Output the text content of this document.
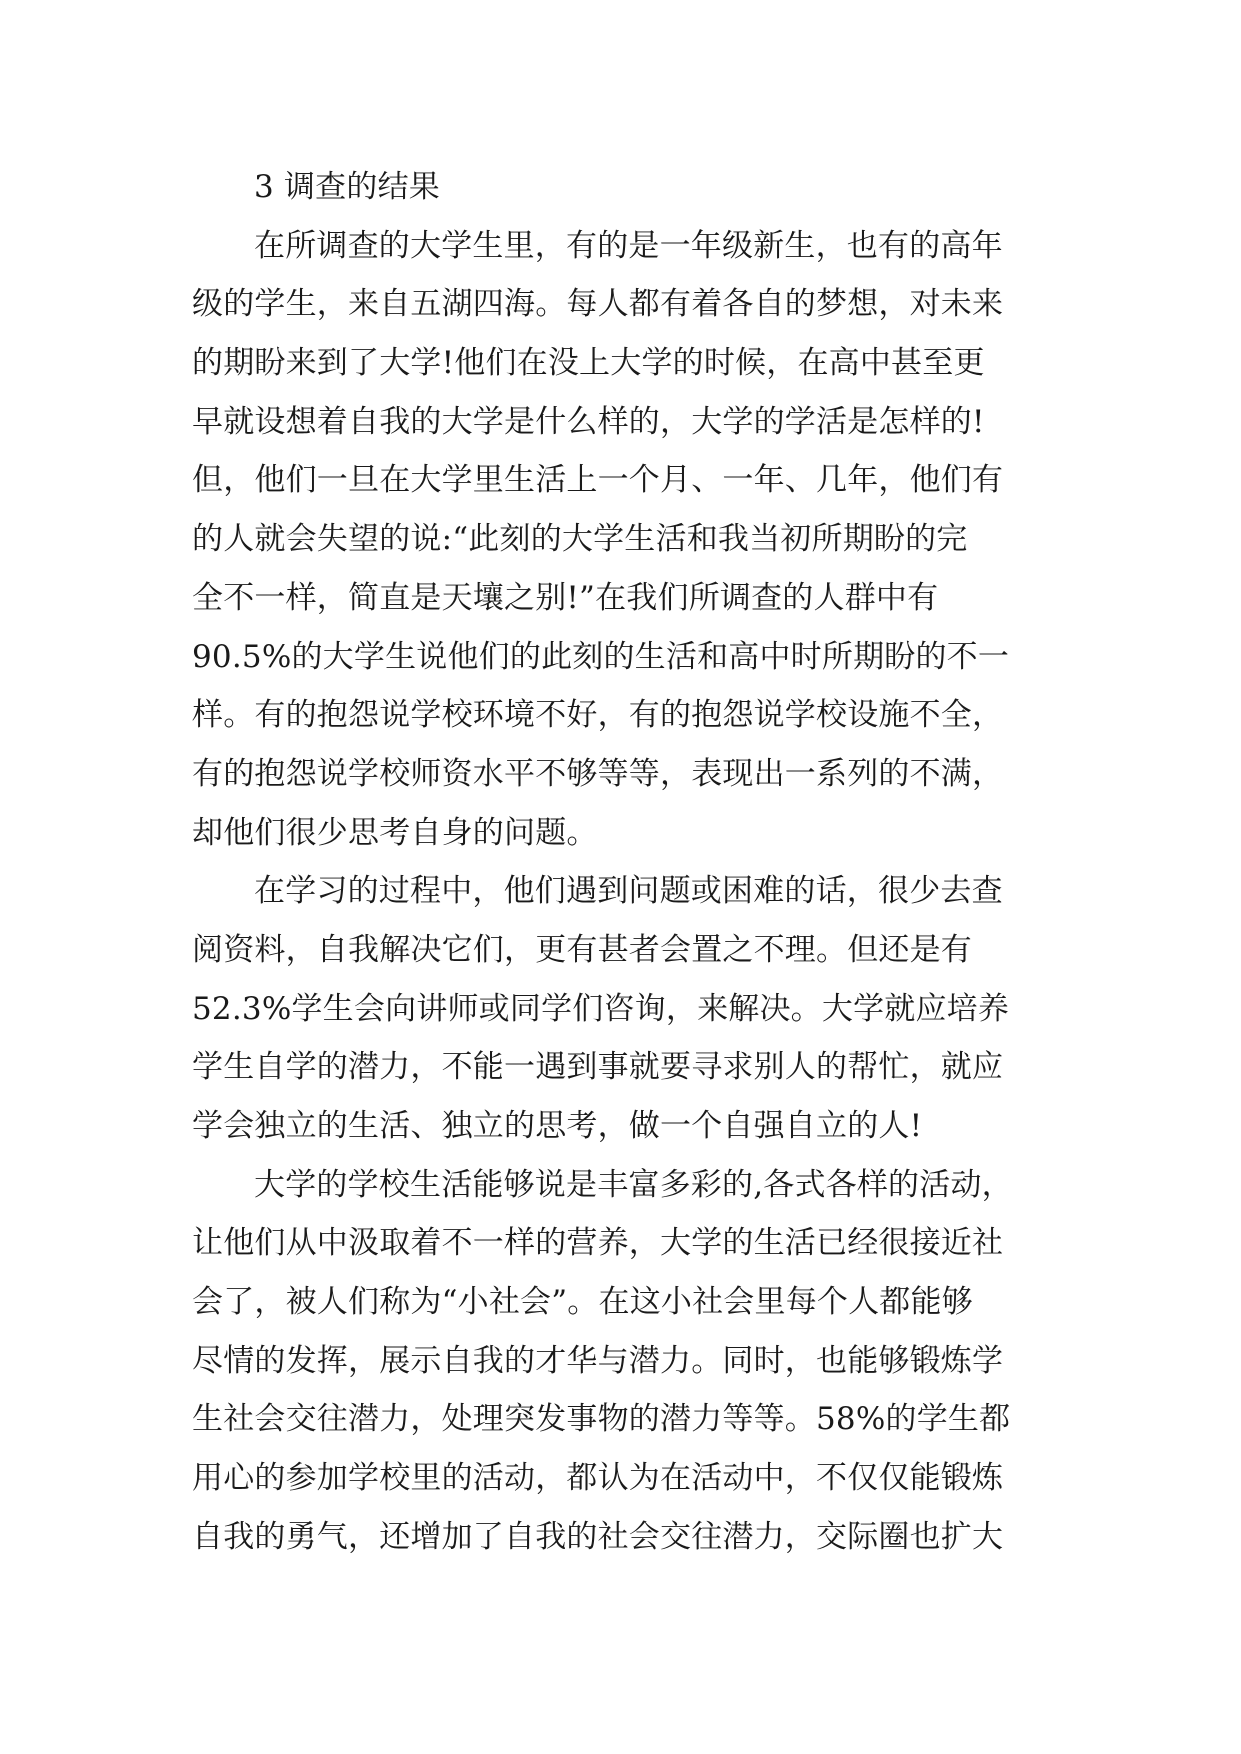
3 调查的结果
在所调查的大学生里，有的是一年级新生，也有的高年
级的学生，来自五湖四海。每人都有着各自的梦想，对未来
的期盼来到了大学!他们在没上大学的时候，在高中甚至更
早就设想着自我的大学是什么样的，大学的学活是怎样的!
但，他们一旦在大学里生活上一个月、一年、几年，他们有
的人就会失望的说:“此刻的大学生活和我当初所期盼的完
全不一样，简直是天壤之别!”在我们所调查的人群中有
90.5%的大学生说他们的此刻的生活和高中时所期盼的不一
样。有的抱怨说学校环境不好，有的抱怨说学校设施不全，
有的抱怨说学校师资水平不够等等，表现出一系列的不满，
却他们很少思考自身的问题。
在学习的过程中，他们遇到问题或困难的话，很少去查
阅资料，自我解决它们，更有甚者会置之不理。但还是有
52.3%学生会向讲师或同学们咨询，来解决。大学就应培养
学生自学的潜力，不能一遇到事就要寻求别人的帮忙，就应
学会独立的生活、独立的思考，做一个自强自立的人!
大学的学校生活能够说是丰富多彩的,各式各样的活动，
让他们从中汲取着不一样的营养，大学的生活已经很接近社
会了，被人们称为“小社会”。在这小社会里每个人都能够
尽情的发挥，展示自我的才华与潜力。同时，也能够锻炼学
生社会交往潜力，处理突发事物的潜力等等。58%的学生都
用心的参加学校里的活动，都认为在活动中，不仅仅能锻炼
自我的勇气，还增加了自我的社会交往潜力，交际圈也扩大
